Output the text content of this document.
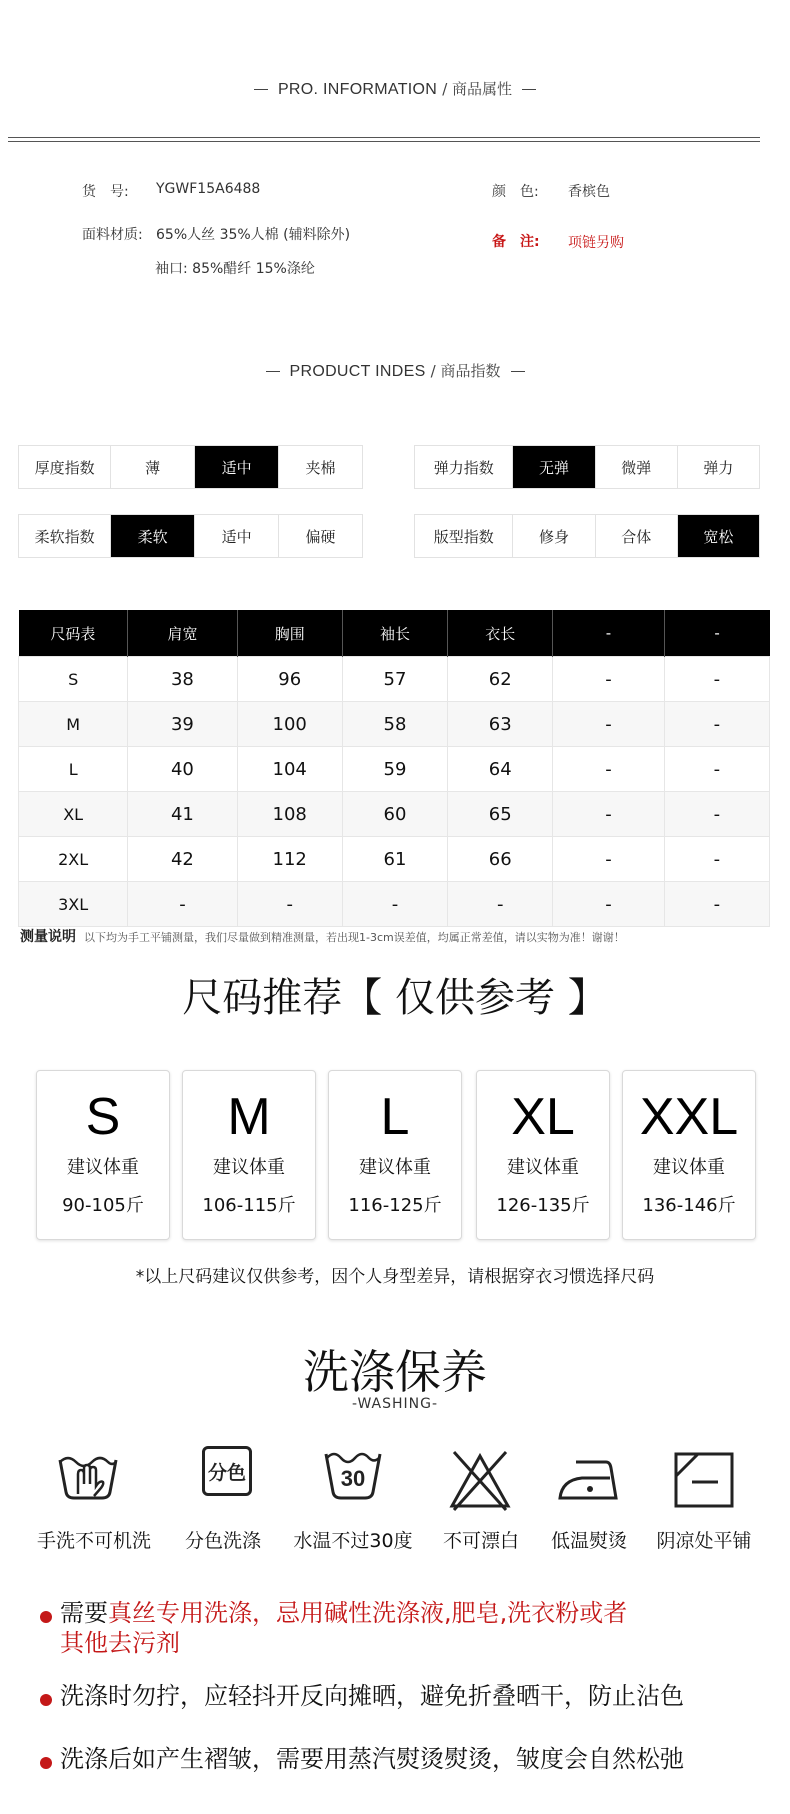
PRO. INFORMATION / 商品属性
货　号: YGWF15A6488	颜　色: 香槟色
面料材质: 65%人丝 35%人棉 (辅料除外)	备　注: 项链另购
袖口: 85%醋纤 15%涤纶
PRODUCT INDES / 商品指数
厚度指数	薄	适中	夹棉	弹力指数	无弹	微弹	弹力
柔软指数	柔软	适中	偏硬	版型指数	修身	合体	宽松
尺码表	肩宽	胸围	袖长	衣长	-	-
S	38	96	57	62	-	-
M	39	100	58	63	-	-
L	40	104	59	64	-	-
XL	41	108	60	65	-	-
2XL	42	112	61	66	-	-
3XL	-	-	-	-	-	-
测量说明 以下均为手工平铺测量，我们尽量做到精准测量，若出现1-3cm误差值，均属正常差值，请以实物为准！谢谢！
尺码推荐【 仅供参考 】
S
建议体重
90-105斤
M
建议体重
106-115斤
L
建议体重
116-125斤
XL
建议体重
126-135斤
XXL
建议体重
136-146斤
*以上尺码建议仅供参考，因个人身型差异，请根据穿衣习惯选择尺码
洗涤保养
-WASHING-
分色	30
手洗不可机洗	分色洗涤	水温不过30度	不可漂白	低温熨烫	阴凉处平铺
需要真丝专用洗涤，忌用碱性洗涤液,肥皂,洗衣粉或者
其他去污剂
洗涤时勿拧，应轻抖开反向摊晒，避免折叠晒干，防止沾色
洗涤后如产生褶皱，需要用蒸汽熨烫熨烫，皱度会自然松弛
